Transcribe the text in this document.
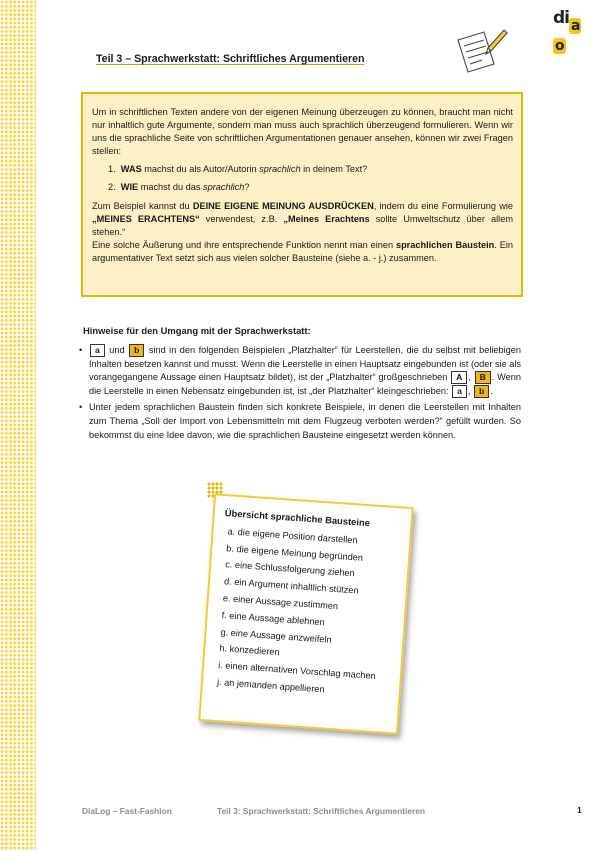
di ao
Teil 3 – Sprachwerkstatt: Schriftliches Argumentieren

Um in schriftlichen Texten andere von der eigenen Meinung überzeugen zu können, braucht man nicht nur inhaltlich gute Argumente, sondern man muss auch sprachlich überzeugend formulieren. Wenn wir uns die sprachliche Seite von schriftlichen Argumentationen genauer ansehen, können wir zwei Fragen stellen:

1. WAS machst du als Autor/Autorin sprachlich in deinem Text?

2. WIE machst du das sprachlich?

Zum Beispiel kannst du DEINE EIGENE MEINUNG AUSDRÜCKEN, indem du eine Formulierung wie „MEINES ERACHTENS“ verwendest, z.B. „Meines Erachtens sollte Umweltschutz über allem stehen.“

Eine solche Äußerung und ihre entsprechende Funktion nennt man einen sprachlichen Baustein. Ein argumentativer Text setzt sich aus vielen solcher Bausteine (siehe a. - j.) zusammen.

Hinweise für den Umgang mit der Sprachwerkstatt:
• a und b sind in den folgenden Beispielen „Platzhalter“ für Leerstellen, die du selbst mit beliebigen Inhalten besetzen kannst und musst. Wenn die Leerstelle in einen Hauptsatz eingebunden ist (oder sie als vorangegangene Aussage einen Hauptsatz bildet), ist der „Platzhalter“ großgeschrieben A , B . Wenn die Leerstelle in einen Nebensatz eingebunden ist, ist „der Platzhalter“ kleingeschrieben: a , b .
• Unter jedem sprachlichen Baustein finden sich konkrete Beispiele, in denen die Leerstellen mit Inhalten zum Thema „Soll der Import von Lebensmitteln mit dem Flugzeug verboten werden?“ gefüllt wurden. So bekommst du eine Idee davon, wie die sprachlichen Bausteine eingesetzt werden können.
Übersicht sprachliche Bausteine
a. die eigene Position darstellen
b. die eigene Meinung begründen
c. eine Schlussfolgerung ziehen
d. ein Argument inhaltlich stützen
e. einer Aussage zustimmen
f. eine Aussage ablehnen
g. eine Aussage anzweifeln
h. konzedieren
i. einen alternativen Vorschlag machen
j. an jemanden appellieren
DiaLog – Fast-Fashion	Teil 3: Sprachwerkstatt: Schriftliches Argumentieren	1
